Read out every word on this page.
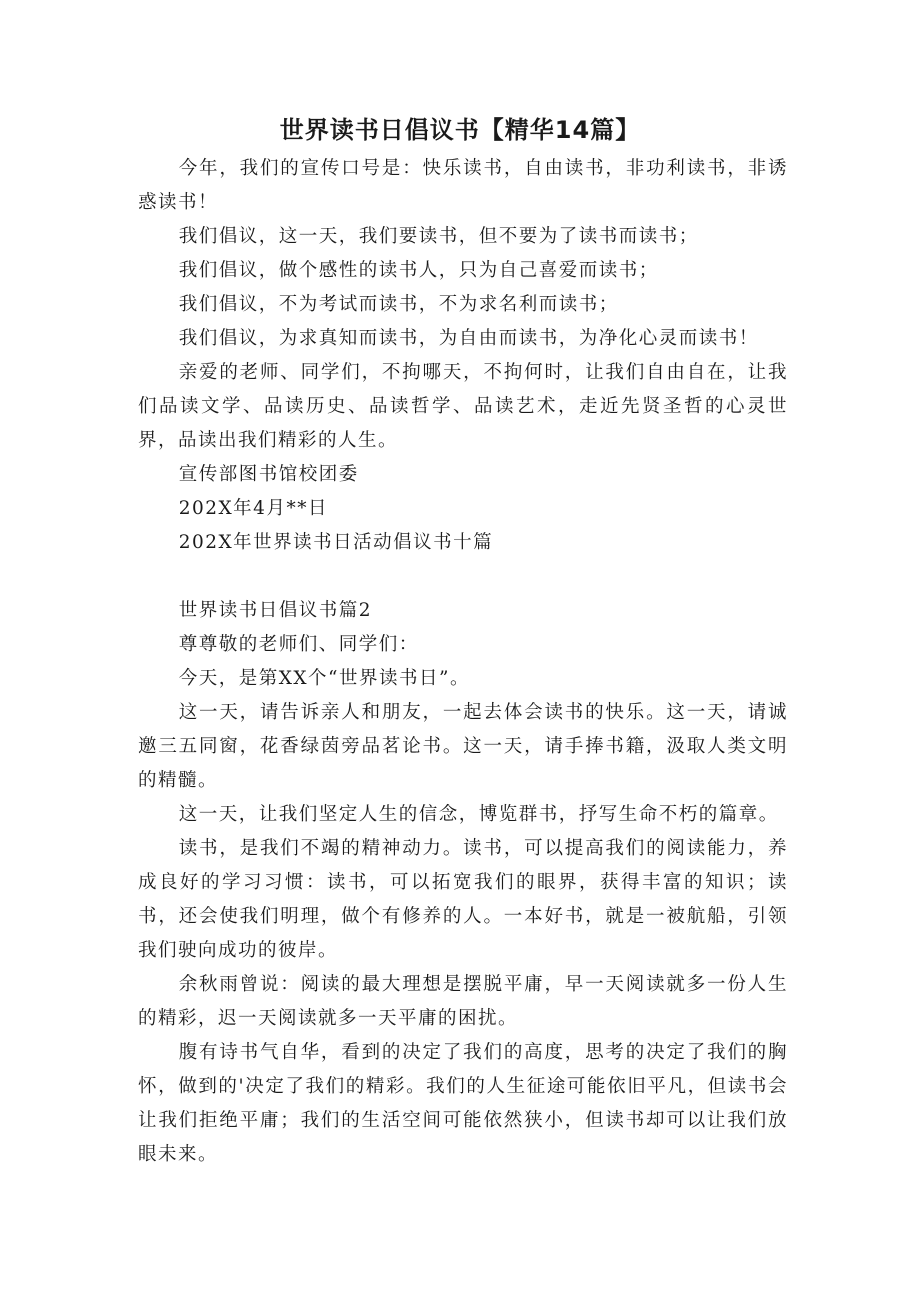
世界读书日倡议书【精华14篇】

今年，我们的宣传口号是：快乐读书，自由读书，非功利读书，非诱惑读书！

我们倡议，这一天，我们要读书，但不要为了读书而读书；

我们倡议，做个感性的读书人，只为自己喜爱而读书；

我们倡议，不为考试而读书，不为求名利而读书；

我们倡议，为求真知而读书，为自由而读书，为净化心灵而读书！

亲爱的老师、同学们，不拘哪天，不拘何时，让我们自由自在，让我们品读文学、品读历史、品读哲学、品读艺术，走近先贤圣哲的心灵世界，品读出我们精彩的人生。

宣传部图书馆校团委

202X年4月**日

202X年世界读书日活动倡议书十篇

世界读书日倡议书篇2

尊尊敬的老师们、同学们：

今天，是第XX个“世界读书日”。

这一天，请告诉亲人和朋友，一起去体会读书的快乐。这一天，请诚邀三五同窗，花香绿茵旁品茗论书。这一天，请手捧书籍，汲取人类文明的精髓。

这一天，让我们坚定人生的信念，博览群书，抒写生命不朽的篇章。

读书，是我们不竭的精神动力。读书，可以提高我们的阅读能力，养成良好的学习习惯：读书，可以拓宽我们的眼界，获得丰富的知识；读书，还会使我们明理，做个有修养的人。一本好书，就是一被航船，引领我们驶向成功的彼岸。

余秋雨曾说：阅读的最大理想是摆脱平庸，早一天阅读就多一份人生的精彩，迟一天阅读就多一天平庸的困扰。

腹有诗书气自华，看到的决定了我们的高度，思考的决定了我们的胸怀，做到的'决定了我们的精彩。我们的人生征途可能依旧平凡，但读书会让我们拒绝平庸；我们的生活空间可能依然狭小，但读书却可以让我们放眼未来。
